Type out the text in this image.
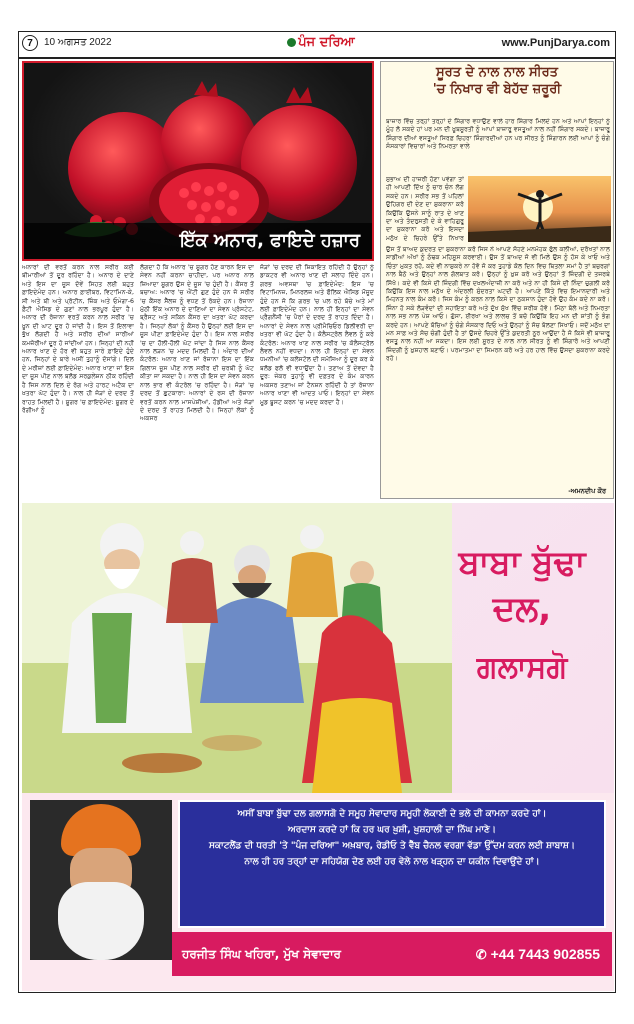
7	10 ਅਗਸਤ 2022	ਪੰਜ ਦਰਿਆ	www.PunjDarya.com
ਇੱਕ ਅਨਾਰ, ਫਾਇਦੇ ਹਜ਼ਾਰ
ਅਨਾਰਾਂ ਦੀ ਵਰਤੋਂ ਕਰਨ ਨਾਲ ਸਰੀਰ ਕਈ ਬੀਮਾਰੀਆਂ ਤੋਂ ਦੂਰ ਰਹਿੰਦਾ ਹੈ। ਅਨਾਰ ਦੇ ਦਾਣੇ ਅਤੇ ਇਸ ਦਾ ਜੂਸ ਦੋਵੇਂ ਸਿਹਤ ਲਈ ਬਹੁਤ ਫ਼ਾਇਦੇਮੰਦ ਹਨ। ਅਨਾਰ ਫ਼ਾਈਬਰ, ਵਿਟਾਮਿਨ-ਕੇ, ਸੀ ਅਤੇ ਬੀ ਅਤੇ ਪ੍ਰੋਟੀਨ, ਜ਼ਿੰਕ ਅਤੇ ਓਮੇਗਾ-6 ਫ਼ੈਟੀ ਐਸਿਡ ਦੇ ਗੁਣਾਂ ਨਾਲ ਭਰਪੂਰ ਹੁੰਦਾ ਹੈ। ਅਨਾਰ ਦੀ ਰੋਜ਼ਾਨਾ ਵਰਤੋਂ ਕਰਨ ਨਾਲ ਸਰੀਰ 'ਚ ਖ਼ੂਨ ਦੀ ਘਾਟ ਦੂਰ ਹੋ ਜਾਂਦੀ ਹੈ। ਇਸ ਤੋਂ ਇਲਾਵਾ ਭੁੱਖ ਲੱਗਦੀ ਹੈ ਅਤੇ ਸਰੀਰ ਦੀਆਂ ਸਾਰੀਆਂ ਕਮਜ਼ੋਰੀਆਂ ਦੂਰ ਹੋ ਜਾਂਦੀਆਂ ਹਨ। ਜਿਨ੍ਹਾਂ ਦੀ ਨਹੀਂ ਅਨਾਰ ਖਾਣ ਦੇ ਹੋਰ ਵੀ ਬਹੁਤ ਸਾਰੇ ਫ਼ਾਇਦੇ ਹੁੰਦੇ ਹਨ, ਜਿਨ੍ਹਾਂ ਦੇ ਬਾਰੇ ਅਸੀਂ ਤੁਹਾਨੂੰ ਦੱਸਾਂਗੇ। ਦਿਲ ਦੇ ਮਰੀਜ਼ਾਂ ਲਈ ਫ਼ਾਇਦੇਮੰਦ: ਅਨਾਰ ਖਾਣਾ ਜਾਂ ਇਸ ਦਾ ਜੂਸ ਪੀਣ ਨਾਲ ਬਲੱਡ ਸਰਕੁਲੇਸ਼ਨ ਠੀਕ ਰਹਿੰਦੀ ਹੈ ਜਿਸ ਨਾਲ ਦਿਲ ਦੇ ਰੋਗ ਅਤੇ ਹਾਰਟ ਅਟੈਕ ਦਾ ਖ਼ਤਰਾ ਘੱਟ ਹੁੰਦਾ ਹੈ। ਨਾਲ ਹੀ ਜੋੜਾਂ ਦੇ ਦਰਦ ਤੋਂ ਰਾਹਤ ਮਿਲਦੀ ਹੈ। ਸ਼ੂਗਰ 'ਚ ਫ਼ਾਇਦੇਮੰਦ: ਸ਼ੂਗਰ ਦੇ ਰੋਗੀਆਂ ਨੂੰ
ਲੱਗਦਾ ਹੈ ਕਿ ਅਨਾਰ 'ਚ ਸ਼ੂਗਰ ਹੋਣ ਕਾਰਨ ਇਸ ਦਾ ਸੇਵਨ ਨਹੀਂ ਕਰਨਾ ਚਾਹੀਦਾ, ਪਰ ਅਨਾਰ ਨਾਲ ਜ਼ਿਆਦਾ ਸ਼ੂਗਰ ਉਸ ਦੇ ਜੂਸ 'ਚ ਹੁੰਦੀ ਹੈ। ਕੈਂਸਰ ਤੋਂ ਬਚਾਅ: ਅਨਾਰ 'ਚ ਐਂਟੀ ਗੁਣ ਹੁੰਦੇ ਹਨ ਜੋ ਸਰੀਰ 'ਚ ਕੈਂਸਰ ਸੈੱਲਜ਼ ਨੂੰ ਵਧਣ ਤੋਂ ਰੋਕਦੇ ਹਨ। ਰੋਜ਼ਾਨਾ ਮੁੱਠੀ ਇੱਕ ਅਨਾਰ ਦੇ ਦਾਣਿਆਂ ਦਾ ਸੇਵਨ ਪ੍ਰੋਸਟੇਟ, ਬ੍ਰੈਸਟ ਅਤੇ ਸਕਿਨ ਕੈਂਸਰ ਦਾ ਖ਼ਤਰਾ ਘੱਟ ਕਰਦਾ ਹੈ। ਜਿਨ੍ਹਾਂ ਲੋਕਾਂ ਨੂੰ ਕੈਂਸਰ ਹੈ ਉਨ੍ਹਾਂ ਲਈ ਇਸ ਦਾ ਜੂਸ ਪੀਣਾ ਫ਼ਾਇਦੇਮੰਦ ਹੁੰਦਾ ਹੈ। ਇਸ ਨਾਲ ਸਰੀਰ 'ਚ ਦਾ ਹੌਲੀ-ਹੌਲੀ ਘੱਟ ਜਾਂਦਾ ਹੈ ਜਿਸ ਨਾਲ ਕੈਂਸਰ ਨਾਲ ਲੜਨ 'ਚ ਮਦਦ ਮਿਲਦੀ ਹੈ। ਅੰਦਾਰ ਦੀਆਂ ਕੰਟਰੋਲ: ਅਨਾਰ ਖਾਣ ਜਾਂ ਰੋਜ਼ਾਨਾ ਇਸ ਦਾ ਇੱਕ ਗਿਲਾਸ ਜੂਸ ਪੀਣ ਨਾਲ ਸਰੀਰ ਦੀ ਚਰਬੀ ਨੂੰ ਘੱਟ ਕੀਤਾ ਜਾ ਸਕਦਾ ਹੈ। ਨਾਲ ਹੀ ਇਸ ਦਾ ਸੇਵਨ ਕਰਨ ਨਾਲ ਭਾਰ ਵੀ ਕੰਟਰੋਲ 'ਚ ਰਹਿੰਦਾ ਹੈ। ਜੋੜਾਂ 'ਚ ਦਰਦ ਤੋਂ ਛੁਟਕਾਰਾ: ਅਨਾਰਾਂ ਦੇ ਰਸ ਦੀ ਰੋਜ਼ਾਨਾ ਵਰਤੋਂ ਕਰਨ ਨਾਲ ਮਾਸਪੇਸ਼ੀਆਂ, ਹੱਡੀਆਂ ਅਤੇ ਜੋੜਾਂ ਦੇ ਦਰਦ ਤੋਂ ਰਾਹਤ ਮਿਲਦੀ ਹੈ। ਜਿਨ੍ਹਾਂ ਲੋਕਾਂ ਨੂੰ ਅਕਸਰ
ਜੋੜਾਂ 'ਚ ਦਰਦ ਦੀ ਸ਼ਿਕਾਇਤ ਰਹਿੰਦੀ ਹੈ ਉਨ੍ਹਾਂ ਨੂੰ ਡਾਕਟਰ ਵੀ ਅਨਾਰ ਖਾਣ ਦੀ ਸਲਾਹ ਦਿੰਦੇ ਹਨ। ਗਰਭ ਅਵਸਥਾ 'ਚ ਫ਼ਾਇਦੇਮੰਦ: ਇਸ 'ਚ ਵਿਟਾਮਿਨਜ਼, ਮਿਨਰਲਜ਼ ਅਤੇ ਫੌਲਿਕ ਐਸਿਡ ਮੌਜੂਦ ਹੁੰਦੇ ਹਨ ਜੋ ਕਿ ਗਰਭ 'ਚ ਪਲ ਰਹੇ ਬੱਚੇ ਅਤੇ ਮਾਂ ਲਈ ਫ਼ਾਇਦੇਮੰਦ ਹਨ। ਨਾਲ ਹੀ ਇਨ੍ਹਾਂ ਦਾ ਸੇਵਨ ਪ੍ਰੈਗਨੈਂਸੀ 'ਚ ਪੈਰਾਂ ਦੇ ਦਰਦ ਤੋਂ ਰਾਹਤ ਦਿੰਦਾ ਹੈ। ਅਨਾਰਾਂ ਦੇ ਸੇਵਨ ਨਾਲ ਪ੍ਰੀਮੈਚਿਓਰ ਡਿਲੀਵਰੀ ਦਾ ਖ਼ਤਰਾ ਵੀ ਘੱਟ ਹੁੰਦਾ ਹੈ। ਕੋਲੈਸਟ੍ਰੋਲ ਲੈਵਲ ਨੂੰ ਕਰੇ ਕੰਟਰੋਲ: ਅਨਾਰ ਖਾਣ ਨਾਲ ਸਰੀਰ 'ਚ ਕੋਲੈਸਟ੍ਰੋਲ ਲੈਵਲ ਨਹੀਂ ਵਧਦਾ। ਨਾਲ ਹੀ ਇਨ੍ਹਾਂ ਦਾ ਸੇਵਨ ਧਮਨੀਆਂ 'ਚ ਕਲੋਸਟੋਲ ਦੀ ਸਮੱਸਿਆ ਨੂੰ ਦੂਰ ਕਰ ਕੇ ਬਲੱਡ ਫਲੋ ਵੀ ਵਧਾਉਂਦਾ ਹੈ। ਤਣਾਅ ਤੋਂ ਦੇਵਦਾ ਹੈ ਦੂਰ: ਜੇਕਰ ਤੁਹਾਨੂੰ ਵੀ ਦਫ਼ਤਰ ਦੇ ਕੰਮ ਕਾਰਨ ਅਕਸਰ ਤਣਾਅ ਜਾਂ ਟੈਨਸ਼ਨ ਰਹਿੰਦੀ ਹੈ ਤਾਂ ਰੋਜ਼ਾਨਾ ਅਨਾਰ ਖਾਣਾ ਵੀ ਆਦਤ ਪਾਓ। ਇਨ੍ਹਾਂ ਦਾ ਸੇਵਨ ਮੂਡ ਬੂਸਟ ਕਰਨ 'ਚ ਮਦਦ ਕਰਦਾ ਹੈ।
ਸੂਰਤ ਦੇ ਨਾਲ ਨਾਲ ਸੀਰਤ
'ਚ ਨਿਖਾਰ ਵੀ ਬੇਹੱਦ ਜ਼ਰੂਰੀ
ਬਾਜ਼ਾਰ ਵਿੱਚ ਤਰ੍ਹਾਂ ਤਰ੍ਹਾਂ ਦੇ ਸ਼ਿੰਗਾਰ ਵਧਾਉਣ ਵਾਲੇ ਹਾਰ ਸ਼ਿੰਗਾਰ ਮਿਲਦੇ ਹਨ ਅਤੇ ਆਪਾਂ ਇਨ੍ਹਾਂ ਨੂੰ ਮੂੰਹ ਲੋ ਸਕਦੇ ਹਾਂ ਪਰ ਮਨ ਦੀ ਖ਼ੂਬਸੂਰਤੀ ਨੂੰ ਆਪਾਂ ਬਾਜ਼ਾਰੂ ਵਸਤੂਆਂ ਨਾਲ ਨਹੀਂ ਸ਼ਿੰਗਾਰ ਸਕਦੇ। ਬਾਜ਼ਾਰੂ ਸ਼ਿੰਗਾਰ ਦੀਆਂ ਵਸਤੂਆਂ ਸਿਰਫ਼ ਚਿਹਰਾ ਸ਼ਿੰਗਾਰਦੀਆਂ ਹਨ ਪਰ ਸੀਰਤ ਨੂੰ ਸ਼ਿੰਗਾਰਨ ਲਈ ਆਪਾਂ ਨੂੰ ਚੰਗੇ ਸੰਸਕਾਰਾਂ ਵਿਚਾਰਾਂ ਅਤੇ ਨਿਮਰਤਾ ਵਾਲੇ
ਸੁਭਾਅ ਦੀ ਹਾਜ਼ਰੀ ਹੋਣਾ ਪਵੇਗਾ ਤਾਂ ਹੀ ਆਪਣੀ ਦਿੱਖ ਨੂੰ ਚਾਰ ਚੰਨ ਲੱਗ ਸਕਦੇ ਹਨ। ਸਰੀਰ ਸਭ ਤੋਂ ਪਹਿਲਾਂ ਉਹਿਗਰ ਦੀ ਦੇਣ ਦਾ ਸ਼ੁਕਰਾਨਾ ਕਰੋ ਕਿਉਂਕਿ ਉਸਨੇ ਸਾਨੂੰ ਰਾਤ ਦੇ ਖਾਣ ਦਾ ਅਤੇ ਤੰਦਰੁਸਤੀ ਦੇ ਕੇ ਵਾਹਿਗੁਰੂ ਦਾ ਸ਼ੁਕਰਾਨਾ ਕਰੋ ਅਤੇ ਇਸਦਾ ਮਨੁੱਖ ਦੇ ਚਿਹਰੇ ਉੱਤੇ ਨਿਖਾਰ
ਉਸ ਤੋਂ ਬਾਅਦ ਕੁਦਰਤ ਦਾ ਸ਼ੁਕਰਾਨਾ ਕਰੋ ਜਿਸ ਨੇ ਆਪਣੇ ਸੋਹਣੇ ਮਨਮੋਹਕ ਫੁੱਲ ਕਲੀਆਂ, ਦਰੱਖਤਾਂ ਨਾਲ ਸਾਡੀਆਂ ਅੱਖਾਂ ਨੂੰ ਠੰਢਕ ਮਹਿਸੂਸ ਕਰਵਾਈ। ਉਸ ਤੋਂ ਬਾਅਦ ਜੋ ਵੀ ਮਿਲੇ ਉਸ ਨੂੰ ਹੱਸ ਕੇ ਖਾਓ ਅਤੇ ਚਿੰਤਾ ਮੁਕਤ ਰਹੋ, ਕਦੇ ਵੀ ਨਾਸ਼ੁਕਰੇ ਨਾ ਹੋਵੋ ਜੋ ਕਰ ਤੁਹਾਡੇ ਕੋਲ ਦਿਨ ਵਿਚ ਥਿਤਲਾ ਸਮਾਂ ਹੈ ਤਾਂ ਬਜ਼ੁਰਗਾਂ ਨਾਲ ਬੈਠੋ ਅਤੇ ਉਨ੍ਹਾਂ ਨਾਲ ਗੱਲਬਾਤ ਕਰੋ। ਉਨ੍ਹਾਂ ਨੂੰ ਖ਼ੁਸ਼ ਕਰੋ ਅਤੇ ਉਨ੍ਹਾਂ ਤੋਂ ਜ਼ਿੰਦਗੀ ਦੇ ਤਜਰਬੇ ਸਿੱਖੋ। ਕਦੇ ਵੀ ਕਿਸੇ ਦੀ ਜ਼ਿੰਦਗੀ ਵਿੱਚ ਦਖ਼ਲਅੰਦਾਜ਼ੀ ਨਾ ਕਰੋ ਅਤੇ ਨਾ ਹੀ ਕਿਸੇ ਦੀ ਨਿੰਦਾ ਚੁਗਲੀ ਕਰੋ ਕਿਉਂਕਿ ਇਸ ਨਾਲ ਮਨੁੱਖ ਦੇ ਅੰਦਰਲੀ ਸੁੰਦਰਤਾ ਘਟਦੀ ਹੈ। ਆਪਣੇ ਕਿੱਤੇ ਵਿਚ ਇਮਾਨਦਾਰੀ ਅਤੇ ਮਿਹਨਤ ਨਾਲ ਕੰਮ ਕਰੋ। ਜਿਸ ਕੰਮ ਨੂੰ ਕਰਨ ਨਾਲ ਕਿਸੇ ਦਾ ਨੁਕਸਾਨ ਹੁੰਦਾ ਹੋਵੇ ਉਹ ਕੰਮ ਕਦੇ ਨਾ ਕਰੋ। ਜਿੰਨਾ ਹੋ ਸਕੇ ਲੋੜਵੰਦਾਂ ਦੀ ਸਹਾਇਤਾ ਕਰੋ ਅਤੇ ਦੁੱਖ ਸੁੱਖ ਵਿੱਚ ਸ਼ਰੀਕ ਹੋਵੋ। ਮਿੱਠਾ ਬੋਲੋ ਅਤੇ ਨਿਮਰਤਾ ਨਾਲ ਸਭ ਨਾਲ ਪੇਸ਼ ਆਓ। ਗੁੱਸਾ, ਈਰਖਾ ਅਤੇ ਲਾਲਚ ਤੋਂ ਬਚੋ ਕਿਉਂਕਿ ਇਹ ਮਨ ਦੀ ਸ਼ਾਂਤੀ ਨੂੰ ਭੰਗ ਕਰਦੇ ਹਨ। ਆਪਣੇ ਬੱਚਿਆਂ ਨੂੰ ਚੰਗੇ ਸੰਸਕਾਰ ਦਿਓ ਅਤੇ ਉਨ੍ਹਾਂ ਨੂੰ ਸੱਚ ਬੋਲਣਾ ਸਿਖਾਓ। ਜਦੋਂ ਮਨੁੱਖ ਦਾ ਮਨ ਸਾਫ਼ ਅਤੇ ਸੋਚ ਚੰਗੀ ਹੁੰਦੀ ਹੈ ਤਾਂ ਉਸਦੇ ਚਿਹਰੇ ਉੱਤੇ ਕੁਦਰਤੀ ਨੂਰ ਆਉਂਦਾ ਹੈ ਜੋ ਕਿਸੇ ਵੀ ਬਾਜ਼ਾਰੂ ਵਸਤੂ ਨਾਲ ਨਹੀਂ ਆ ਸਕਦਾ। ਇਸ ਲਈ ਸੂਰਤ ਦੇ ਨਾਲ ਨਾਲ ਸੀਰਤ ਨੂੰ ਵੀ ਸ਼ਿੰਗਾਰੋ ਅਤੇ ਆਪਣੀ ਜ਼ਿੰਦਗੀ ਨੂੰ ਖ਼ੁਸ਼ਹਾਲ ਬਣਾਓ। ਪਰਮਾਤਮਾ ਦਾ ਸਿਮਰਨ ਕਰੋ ਅਤੇ ਹਰ ਹਾਲ ਵਿੱਚ ਉਸਦਾ ਸ਼ੁਕਰਾਨਾ ਕਰਦੇ ਰਹੋ।
-ਅਮਨਦੀਪ ਕੌਰ
ਬਾਬਾ ਬੁੱਢਾ
ਦਲ,
ਗਲਾਸਗੋ

ਅਸੀਂ ਬਾਬਾ ਬੁੱਢਾ ਦਲ ਗਲਾਸਗੋ ਦੇ ਸਮੂਹ ਸੇਵਾਦਾਰ ਸਮੂਹੀ ਲੋਕਾਈ ਦੇ ਭਲੇ ਦੀ ਕਾਮਨਾ ਕਰਦੇ ਹਾਂ।

ਅਰਦਾਸ ਕਰਦੇ ਹਾਂ ਕਿ ਹਰ ਘਰ ਖ਼ੁਸ਼ੀ, ਖ਼ੁਸ਼ਹਾਲੀ ਦਾ ਨਿੱਘ ਮਾਣੇ।

ਸਕਾਟਲੈਂਡ ਦੀ ਧਰਤੀ 'ਤੇ "ਪੰਜ ਦਰਿਆ" ਅਖ਼ਬਾਰ, ਰੇਡੀਓ ਤੇ ਵੈੱਬ ਚੈਨਲ ਵਰਗਾ ਵੱਡਾ ਉੱਦਮ ਕਰਨ ਲਈ ਸ਼ਾਬਾਸ਼।

ਨਾਲ ਹੀ ਹਰ ਤਰ੍ਹਾਂ ਦਾ ਸਹਿਯੋਗ ਦੇਣ ਲਈ ਹਰ ਵੇਲੇ ਨਾਲ ਖੜ੍ਹਨ ਦਾ ਯਕੀਨ ਦਿਵਾਉਂਦੇ ਹਾਂ।

ਹਰਜੀਤ ਸਿੰਘ ਖਹਿਰਾ, ਮੁੱਖ ਸੇਵਾਦਾਰ	✆ +44 7443 902855
